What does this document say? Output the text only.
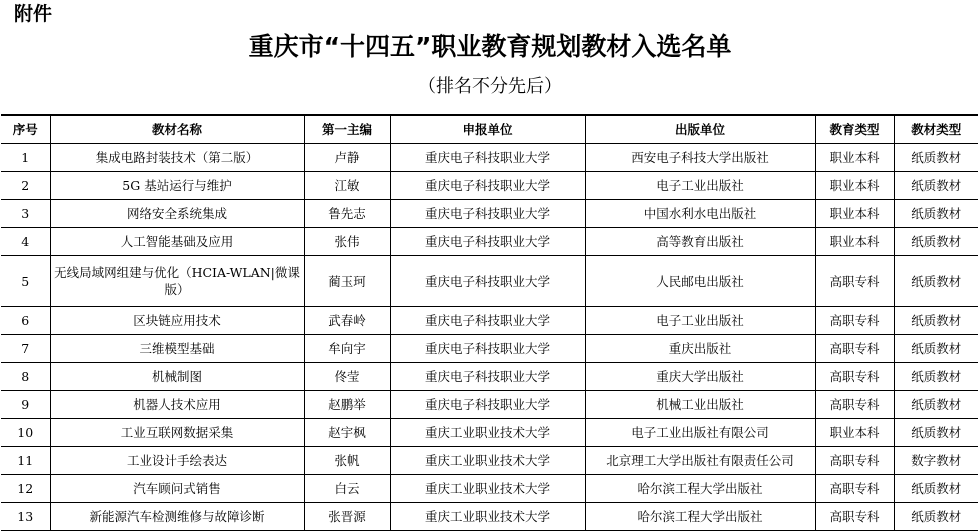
附件
重庆市“十四五”职业教育规划教材入选名单
（排名不分先后）
序号	教材名称	第一主编	申报单位	出版单位	教育类型	教材类型
1	集成电路封装技术（第二版）	卢静	重庆电子科技职业大学	西安电子科技大学出版社	职业本科	纸质教材
2	5G 基站运行与维护	江敏	重庆电子科技职业大学	电子工业出版社	职业本科	纸质教材
3	网络安全系统集成	鲁先志	重庆电子科技职业大学	中国水利水电出版社	职业本科	纸质教材
4	人工智能基础及应用	张伟	重庆电子科技职业大学	高等教育出版社	职业本科	纸质教材
5	无线局域网组建与优化（HCIA-WLAN|微课版）	蔺玉珂	重庆电子科技职业大学	人民邮电出版社	高职专科	纸质教材
6	区块链应用技术	武春岭	重庆电子科技职业大学	电子工业出版社	高职专科	纸质教材
7	三维模型基础	牟向宇	重庆电子科技职业大学	重庆出版社	高职专科	纸质教材
8	机械制图	佟莹	重庆电子科技职业大学	重庆大学出版社	高职专科	纸质教材
9	机器人技术应用	赵鹏举	重庆电子科技职业大学	机械工业出版社	高职专科	纸质教材
10	工业互联网数据采集	赵宇枫	重庆工业职业技术大学	电子工业出版社有限公司	职业本科	纸质教材
11	工业设计手绘表达	张帆	重庆工业职业技术大学	北京理工大学出版社有限责任公司	高职专科	数字教材
12	汽车顾问式销售	白云	重庆工业职业技术大学	哈尔滨工程大学出版社	高职专科	纸质教材
13	新能源汽车检测维修与故障诊断	张晋源	重庆工业职业技术大学	哈尔滨工程大学出版社	高职专科	纸质教材
